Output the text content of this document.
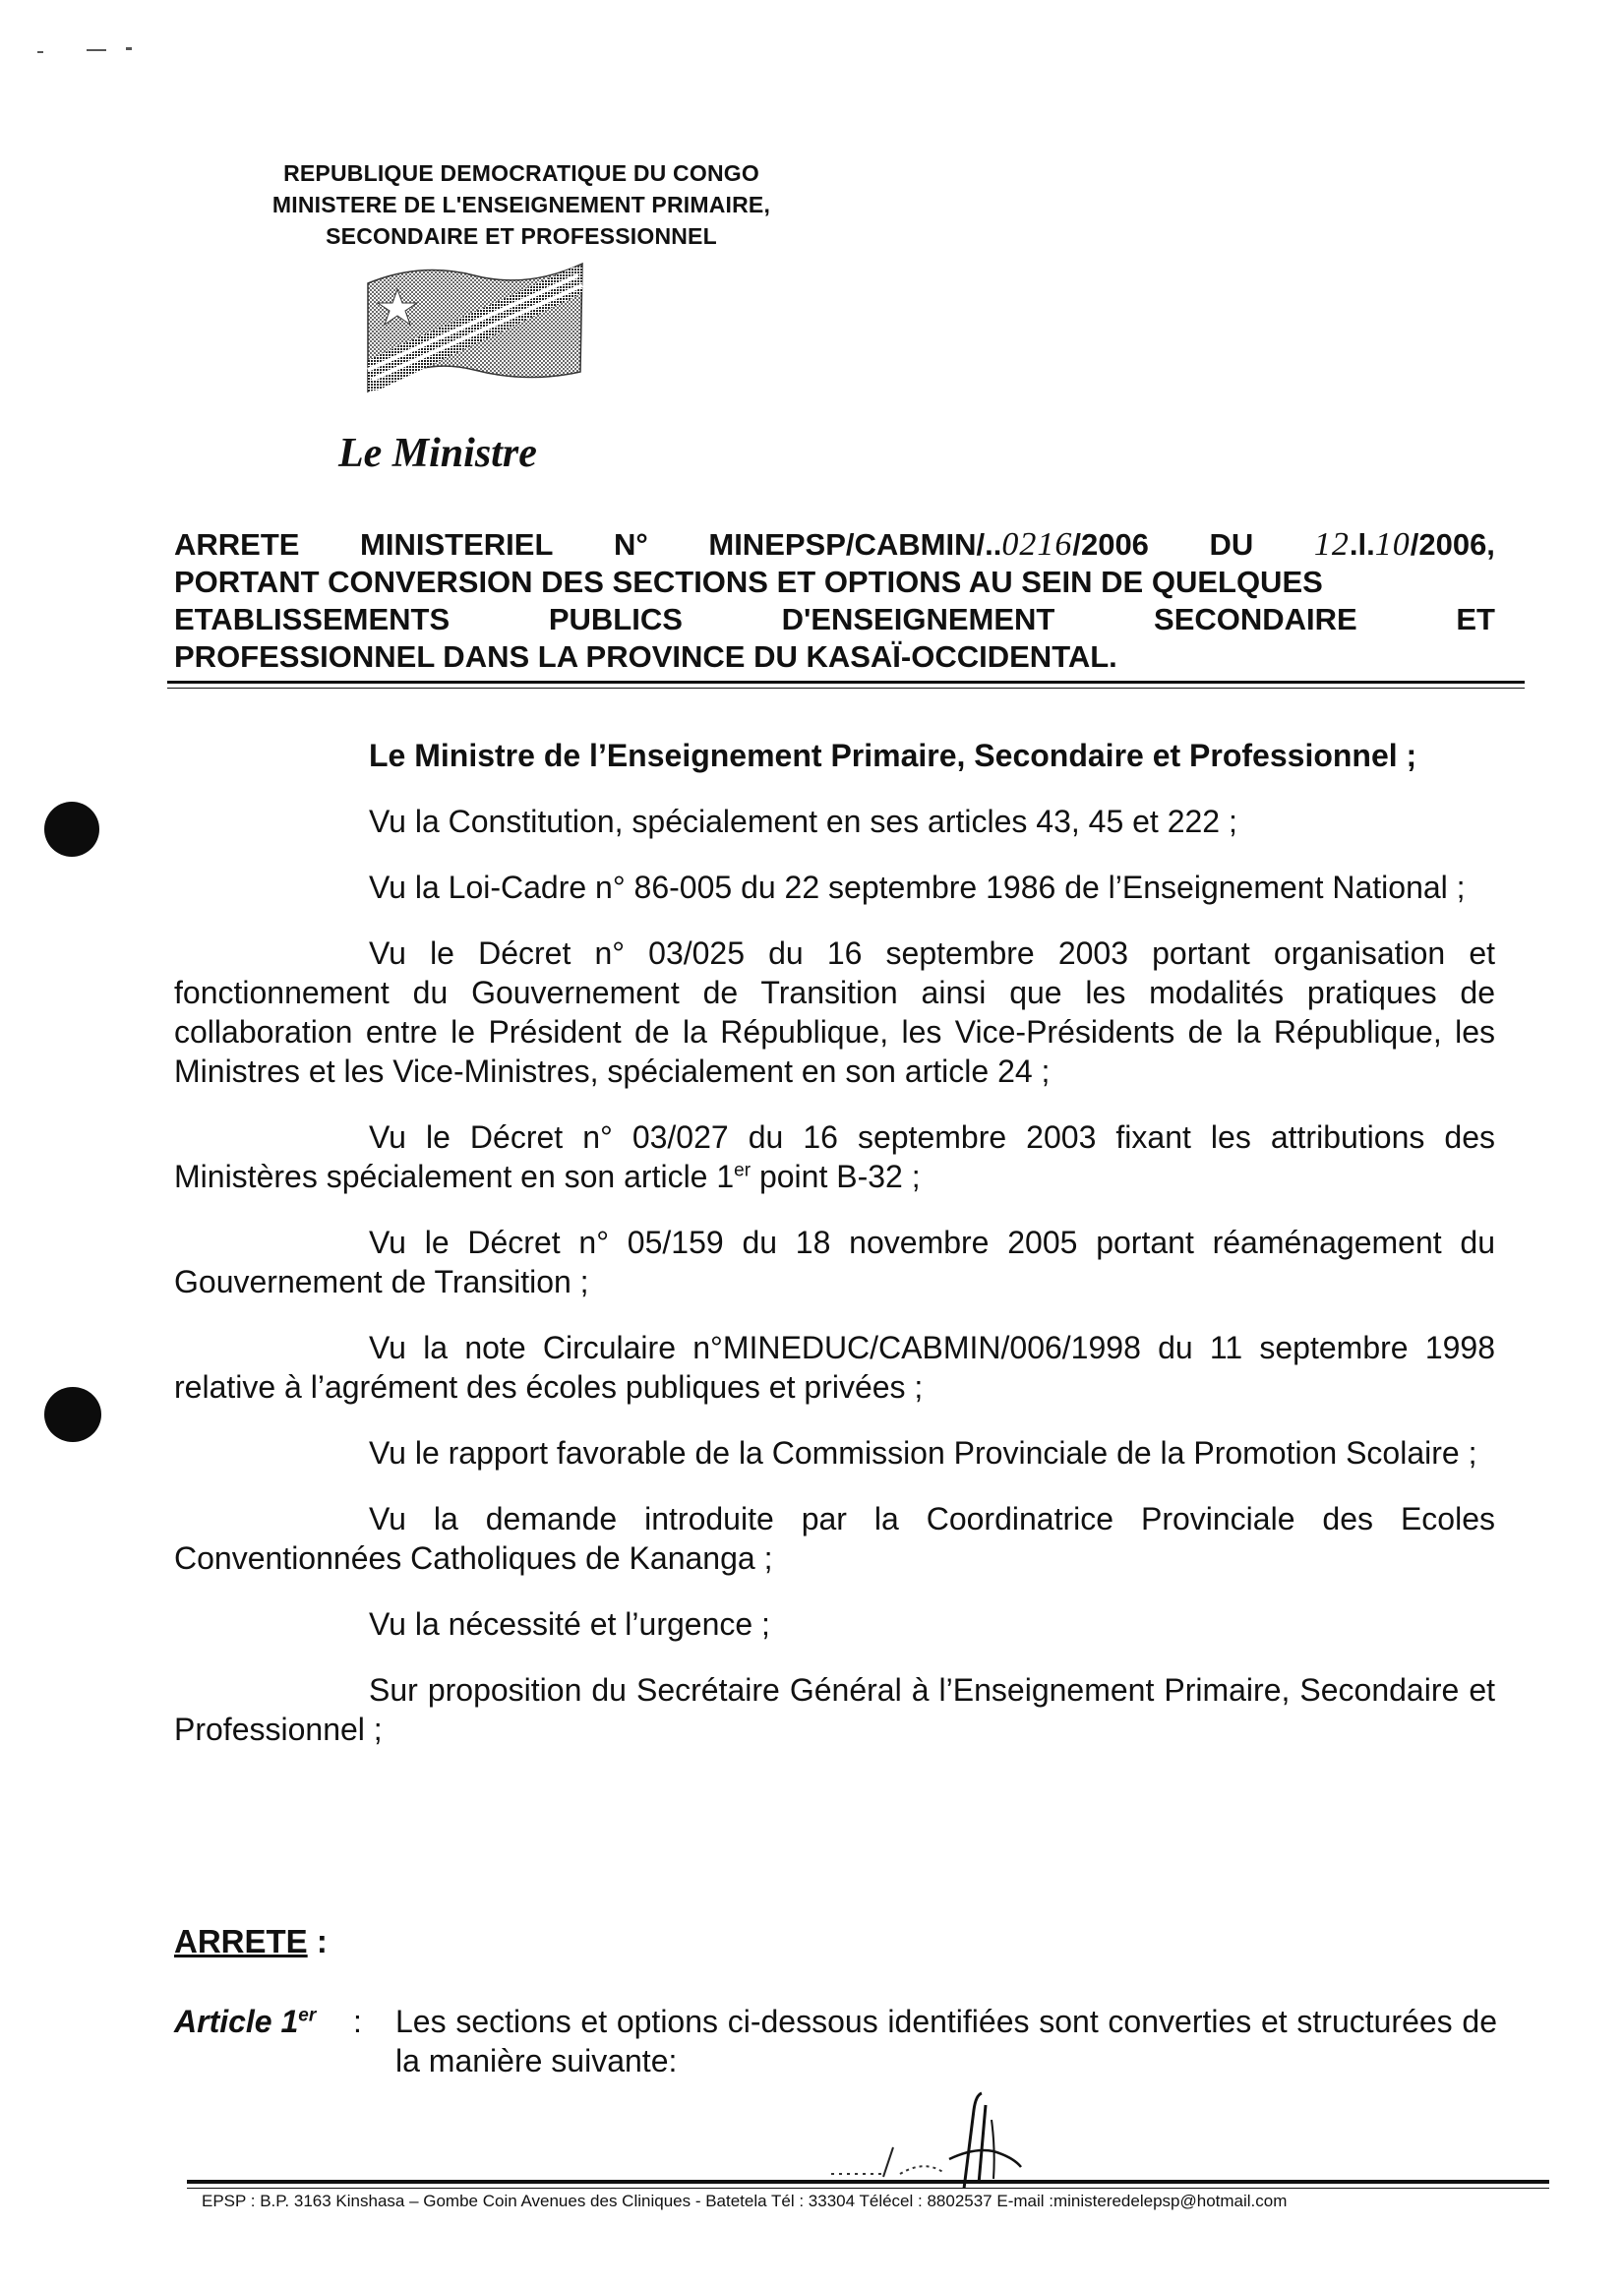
REPUBLIQUE DEMOCRATIQUE DU CONGO
MINISTERE DE L'ENSEIGNEMENT PRIMAIRE,
SECONDAIRE ET PROFESSIONNEL
Le Ministre
ARRETE MINISTERIEL N° MINEPSP/CABMIN/..0216/2006 DU 12.l.10/2006,
PORTANT CONVERSION DES SECTIONS ET OPTIONS AU SEIN DE QUELQUES
ETABLISSEMENTS	PUBLICS	D'ENSEIGNEMENT	SECONDAIRE	ET
PROFESSIONNEL DANS LA PROVINCE DU KASAÏ-OCCIDENTAL.

Le Ministre de l’Enseignement Primaire, Secondaire et Professionnel ;

Vu la Constitution, spécialement en ses articles 43, 45 et 222 ;

Vu la Loi-Cadre n° 86-005 du 22 septembre 1986 de l’Enseignement National ;

Vu le Décret n° 03/025 du 16 septembre 2003 portant organisation et fonctionnement du Gouvernement de Transition ainsi que les modalités pratiques de collaboration entre le Président de la République, les Vice-Présidents de la République, les Ministres et les Vice-Ministres, spécialement en son article 24 ;

Vu le Décret n° 03/027 du 16 septembre 2003 fixant les attributions des Ministères spécialement en son article 1er point B-32 ;

Vu le Décret n° 05/159 du 18 novembre 2005 portant réaménagement du Gouvernement de Transition ;

Vu la note Circulaire n°MINEDUC/CABMIN/006/1998 du 11 septembre 1998 relative à l’agrément des écoles publiques et privées ;

Vu le rapport favorable de la Commission Provinciale de la Promotion Scolaire ;

Vu la demande introduite par la Coordinatrice Provinciale des Ecoles Conventionnées Catholiques de Kananga ;

Vu la nécessité et l’urgence ;

Sur proposition du Secrétaire Général à l’Enseignement Primaire, Secondaire et Professionnel ;

ARRETE :
Article 1er : Les sections et options ci-dessous identifiées sont converties et structurées de la manière suivante:
EPSP : B.P. 3163 Kinshasa – Gombe Coin Avenues des Cliniques - Batetela Tél : 33304 Télécel : 8802537 E-mail :ministeredelepsp@hotmail.com
